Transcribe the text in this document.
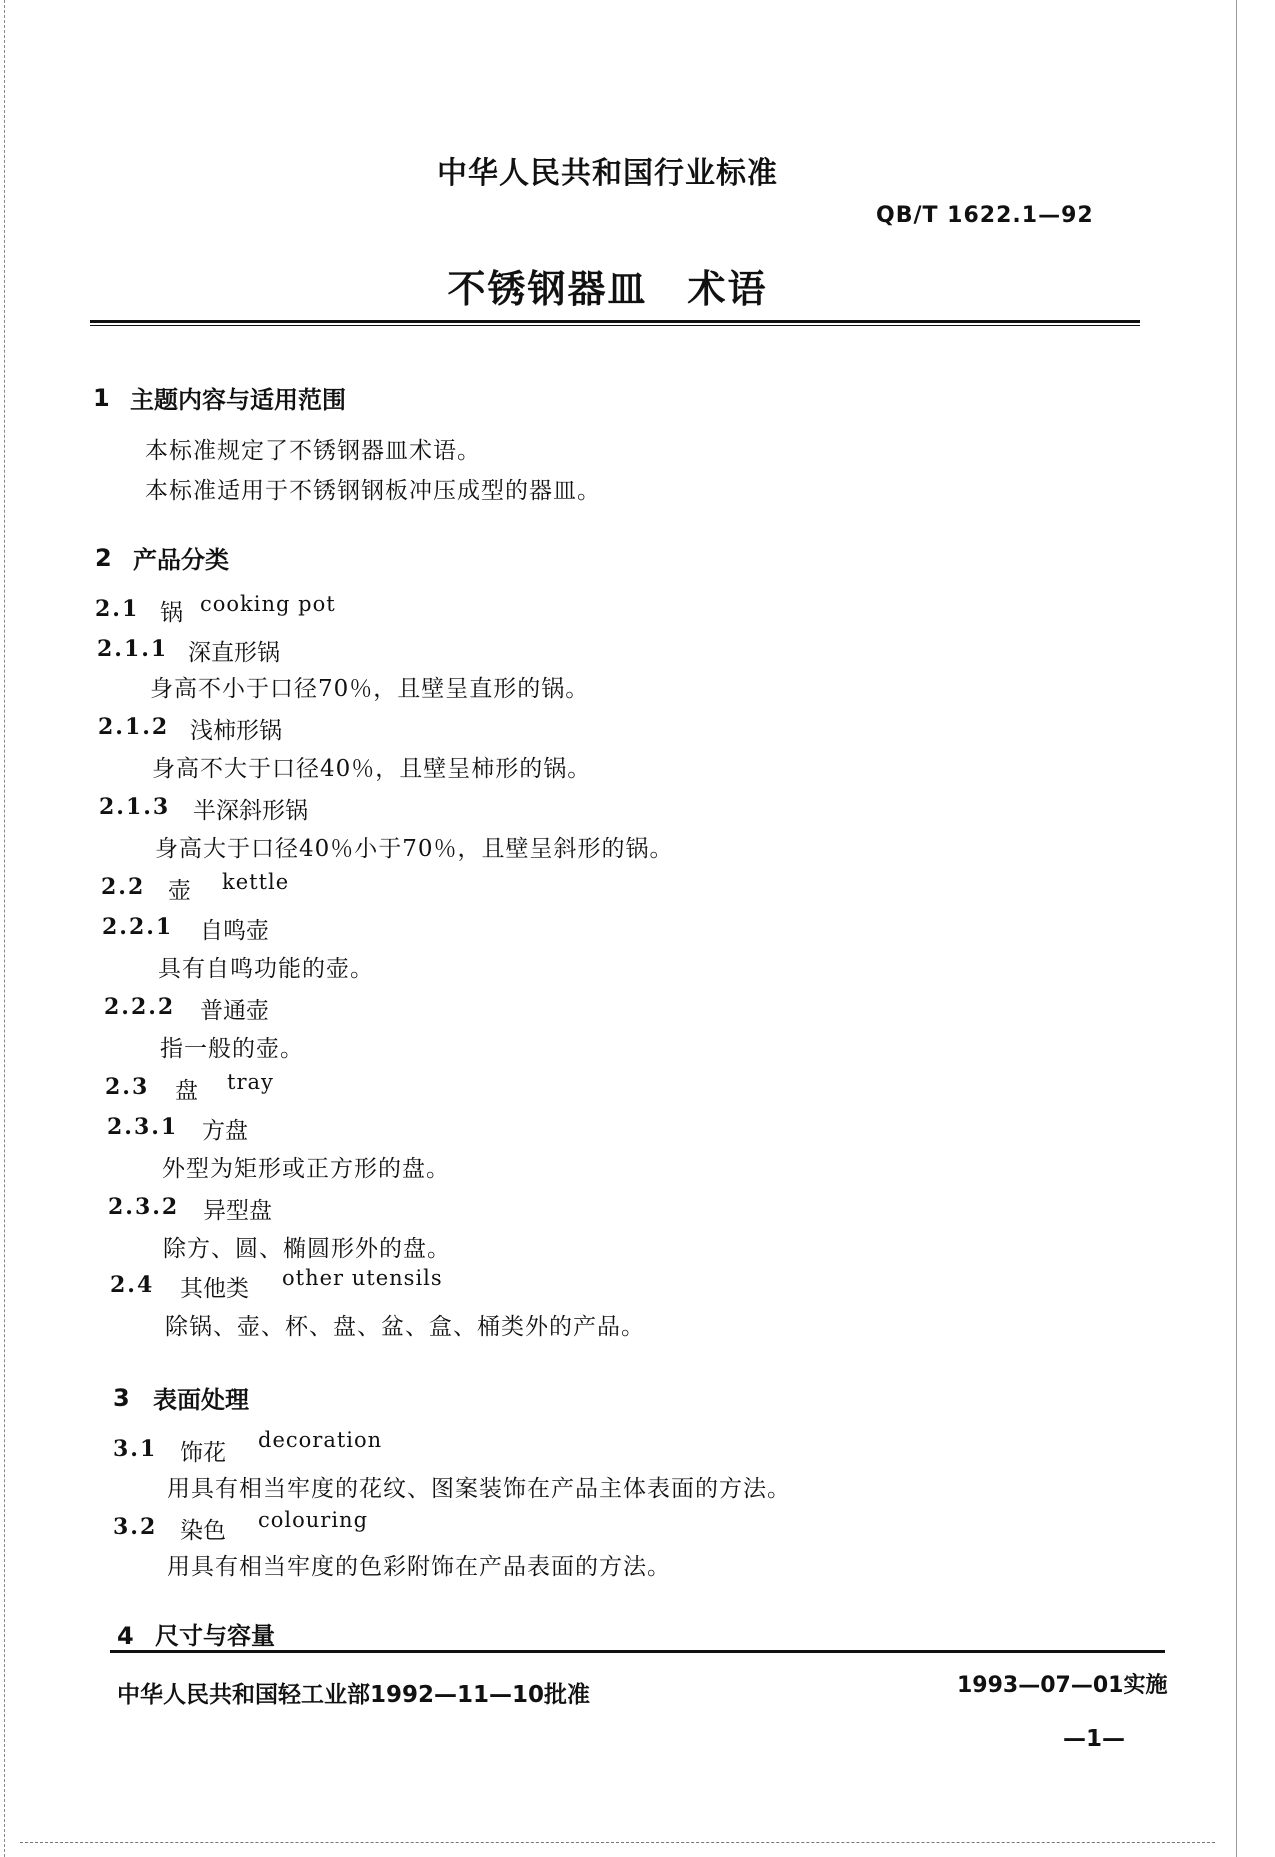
中华人民共和国行业标准
QB/T 1622.1—92
不锈钢器皿　术语
1 主题内容与适用范围
本标准规定了不锈钢器皿术语。
本标准适用于不锈钢钢板冲压成型的器皿。
2 产品分类
2.1 锅 cooking pot
2.1.1 深直形锅
身高不小于口径70％，且壁呈直形的锅。
2.1.2 浅柿形锅
身高不大于口径40％，且壁呈柿形的锅。
2.1.3 半深斜形锅
身高大于口径40％小于70％，且壁呈斜形的锅。
2.2 壶 kettle
2.2.1 自鸣壶
具有自鸣功能的壶。
2.2.2 普通壶
指一般的壶。
2.3 盘 tray
2.3.1 方盘
外型为矩形或正方形的盘。
2.3.2 异型盘
除方、圆、椭圆形外的盘。
2.4 其他类 other utensils
除锅、壶、杯、盘、盆、盒、桶类外的产品。
3 表面处理
3.1 饰花 decoration
用具有相当牢度的花纹、图案装饰在产品主体表面的方法。
3.2 染色 colouring
用具有相当牢度的色彩附饰在产品表面的方法。
4 尺寸与容量
中华人民共和国轻工业部1992—11—10批准	1993—07—01实施
—1—
